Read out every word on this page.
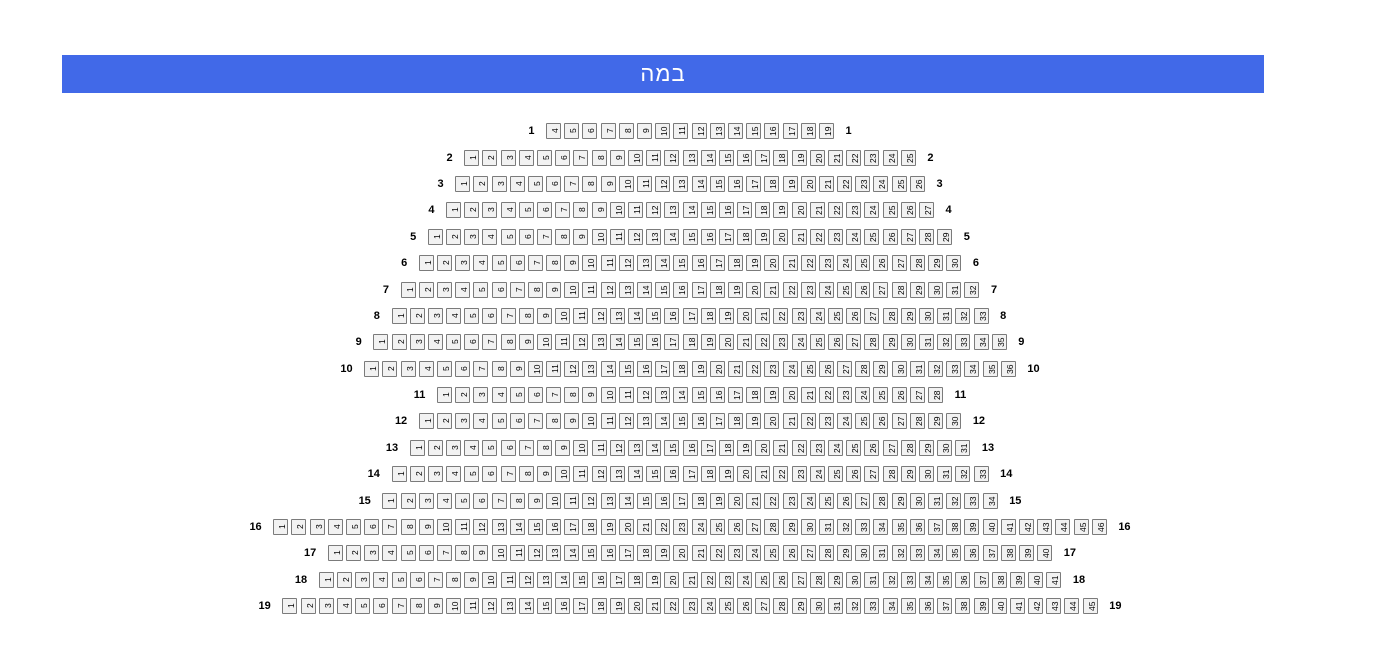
במה
1	4 5 6 7 8 9 10 11 12 13 14 15 16 17 18 19	1
2	1 2 3 4 5 6 7 8 9 10 11 12 13 14 15 16 17 18 19 20 21 22 23 24 25	2
3	1 2 3 4 5 6 7 8 9 10 11 12 13 14 15 16 17 18 19 20 21 22 23 24 25 26	3
4	1 2 3 4 5 6 7 8 9 10 11 12 13 14 15 16 17 18 19 20 21 22 23 24 25 26 27	4
5	1 2 3 4 5 6 7 8 9 10 11 12 13 14 15 16 17 18 19 20 21 22 23 24 25 26 27 28 29	5
6	1 2 3 4 5 6 7 8 9 10 11 12 13 14 15 16 17 18 19 20 21 22 23 24 25 26 27 28 29 30	6
7	1 2 3 4 5 6 7 8 9 10 11 12 13 14 15 16 17 18 19 20 21 22 23 24 25 26 27 28 29 30 31 32	7
8	1 2 3 4 5 6 7 8 9 10 11 12 13 14 15 16 17 18 19 20 21 22 23 24 25 26 27 28 29 30 31 32 33	8
9	1 2 3 4 5 6 7 8 9 10 11 12 13 14 15 16 17 18 19 20 21 22 23 24 25 26 27 28 29 30 31 32 33 34 35	9
10	1 2 3 4 5 6 7 8 9 10 11 12 13 14 15 16 17 18 19 20 21 22 23 24 25 26 27 28 29 30 31 32 33 34 35 36	10
11	1 2 3 4 5 6 7 8 9 10 11 12 13 14 15 16 17 18 19 20 21 22 23 24 25 26 27 28	11
12	1 2 3 4 5 6 7 8 9 10 11 12 13 14 15 16 17 18 19 20 21 22 23 24 25 26 27 28 29 30	12
13	1 2 3 4 5 6 7 8 9 10 11 12 13 14 15 16 17 18 19 20 21 22 23 24 25 26 27 28 29 30 31	13
14	1 2 3 4 5 6 7 8 9 10 11 12 13 14 15 16 17 18 19 20 21 22 23 24 25 26 27 28 29 30 31 32 33	14
15	1 2 3 4 5 6 7 8 9 10 11 12 13 14 15 16 17 18 19 20 21 22 23 24 25 26 27 28 29 30 31 32 33 34	15
16	1 2 3 4 5 6 7 8 9 10 11 12 13 14 15 16 17 18 19 20 21 22 23 24 25 26 27 28 29 30 31 32 33 34 35 36 37 38 39 40 41 42 43 44 45 46	16
17	1 2 3 4 5 6 7 8 9 10 11 12 13 14 15 16 17 18 19 20 21 22 23 24 25 26 27 28 29 30 31 32 33 34 35 36 37 38 39 40	17
18	1 2 3 4 5 6 7 8 9 10 11 12 13 14 15 16 17 18 19 20 21 22 23 24 25 26 27 28 29 30 31 32 33 34 35 36 37 38 39 40 41	18
19	1 2 3 4 5 6 7 8 9 10 11 12 13 14 15 16 17 18 19 20 21 22 23 24 25 26 27 28 29 30 31 32 33 34 35 36 37 38 39 40 41 42 43 44 45	19
